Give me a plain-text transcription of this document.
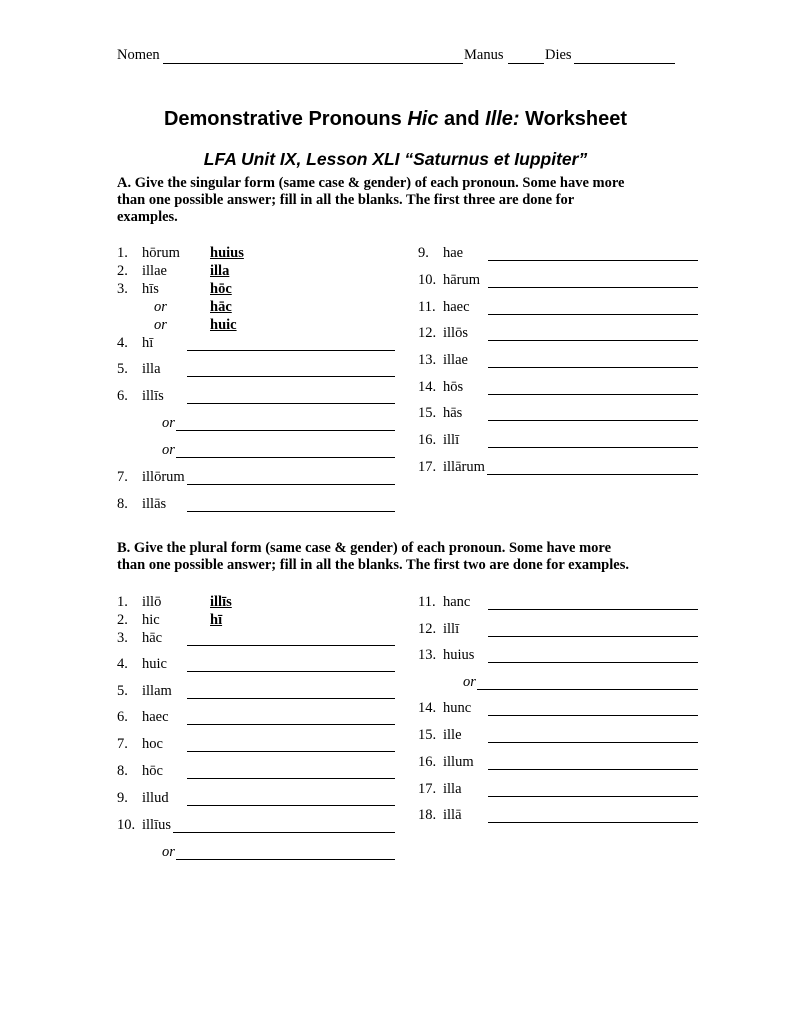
Nomen	Manus	Dies
Demonstrative Pronouns Hic and Ille: Worksheet
LFA Unit IX, Lesson XLI “Saturnus et Iuppiter”
A. Give the singular form (same case & gender) of each pronoun. Some have more
than one possible answer; fill in all the blanks. The first three are done for
examples.
1. hōrum huius
2. illae	illa
3. hīs	hōc
or	hāc
or	huic
4. hī
5. illa
6. illīs
or
or
7. illōrum
8. illās
9. hae
10. hārum
11. haec
12. illōs
13. illae
14. hōs
15. hās
16. illī
17. illārum
1. illō	illīs
2. hic	hī
3. hāc
4. huic
5. illam
6. haec
7. hoc
8. hōc
9. illud
10. illīus
or
11. hanc
12. illī
13. huius
or
14. hunc
15. ille
16. illum
17. illa
18. illā
B. Give the plural form (same case & gender) of each pronoun. Some have more
than one possible answer; fill in all the blanks. The first two are done for examples.
